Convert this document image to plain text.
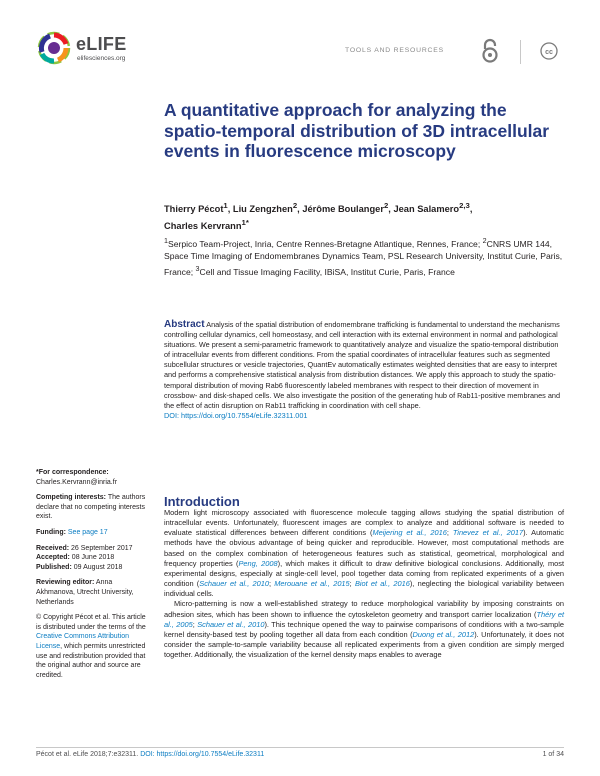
eLIFE
elifesciences.org
TOOLS AND RESOURCES	cc
A quantitative approach for analyzing the spatio-temporal distribution of 3D intracellular events in fluorescence microscopy
Thierry Pécot$^1$, Liu Zengzhen$^2$, Jérôme Boulanger$^2$, Jean Salamero$^{2,3}$,
Charles Kervrann$^{1*}$
$^1$Serpico Team-Project, Inria, Centre Rennes-Bretagne Atlantique, Rennes, France; $^2$CNRS UMR 144, Space Time Imaging of Endomembranes Dynamics Team, PSL Research University, Institut Curie, Paris, France; $^3$Cell and Tissue Imaging Facility, IBiSA, Institut Curie, Paris, France
Abstract Analysis of the spatial distribution of endomembrane trafficking is fundamental to understand the mechanisms controlling cellular dynamics, cell homeostasy, and cell interaction with its external environment in normal and pathological situations. We present a semi-parametric framework to quantitatively analyze and visualize the spatio-temporal distribution of intracellular events from different conditions. From the spatial coordinates of intracellular features such as segmented subcellular structures or vesicle trajectories, QuantEv automatically estimates weighted densities that are easy to interpret and performs a comprehensive statistical analysis from distribution distances. We apply this approach to study the spatio-temporal distribution of moving Rab6 fluorescently labeled membranes with respect to their direction of movement in crossbow- and disk-shaped cells. We also investigate the position of the generating hub of Rab11-positive membranes and the effect of actin disruption on Rab11 trafficking in coordination with cell shape.
DOI: https://doi.org/10.7554/eLife.32311.001
*For correspondence:
Charles.Kervrann@inria.fr
Competing interests: The authors declare that no competing interests exist.
Funding: See page 17
Received: 26 September 2017
Accepted: 08 June 2018
Published: 09 August 2018
Reviewing editor: Anna Akhmanova, Utrecht University, Netherlands
© Copyright Pécot et al. This article is distributed under the terms of the Creative Commons Attribution License, which permits unrestricted use and redistribution provided that the original author and source are credited.
Introduction

Modern light microscopy associated with fluorescence molecule tagging allows studying the spatial distribution of intracellular events. Unfortunately, fluorescent images are complex to analyze and additional software is needed to evaluate statistical differences between different conditions (Meijering et al., 2016; Tinevez et al., 2017). Automatic methods have the obvious advantage of being quicker and reproducible. However, most computational methods are based on the complex combination of heterogeneous features such as statistical, geometrical, morphological and frequency properties (Peng, 2008), which makes it difficult to draw definitive biological conclusions. Additionally, most experimental designs, especially at single-cell level, pool together data coming from replicated experiments of a given condition (Schauer et al., 2010; Merouane et al., 2015; Biot et al., 2016), neglecting the biological variability between individual cells.

Micro-patterning is now a well-established strategy to reduce morphological variability by imposing constraints on adhesion sites, which has been shown to influence the cytoskeleton geometry and transport carrier localization (Théry et al., 2005; Schauer et al., 2010). This technique opened the way to pairwise comparisons of conditions with a two-sample kernel density-based test by pooling together all data from each condition (Duong et al., 2012). Unfortunately, it does not consider the sample-to-sample variability because all replicated experiments from a given condition are simply merged together. Additionally, the visualization of the kernel density maps enables to average

Pécot et al. eLife 2018;7:e32311. DOI: https://doi.org/10.7554/eLife.32311	1 of 34
